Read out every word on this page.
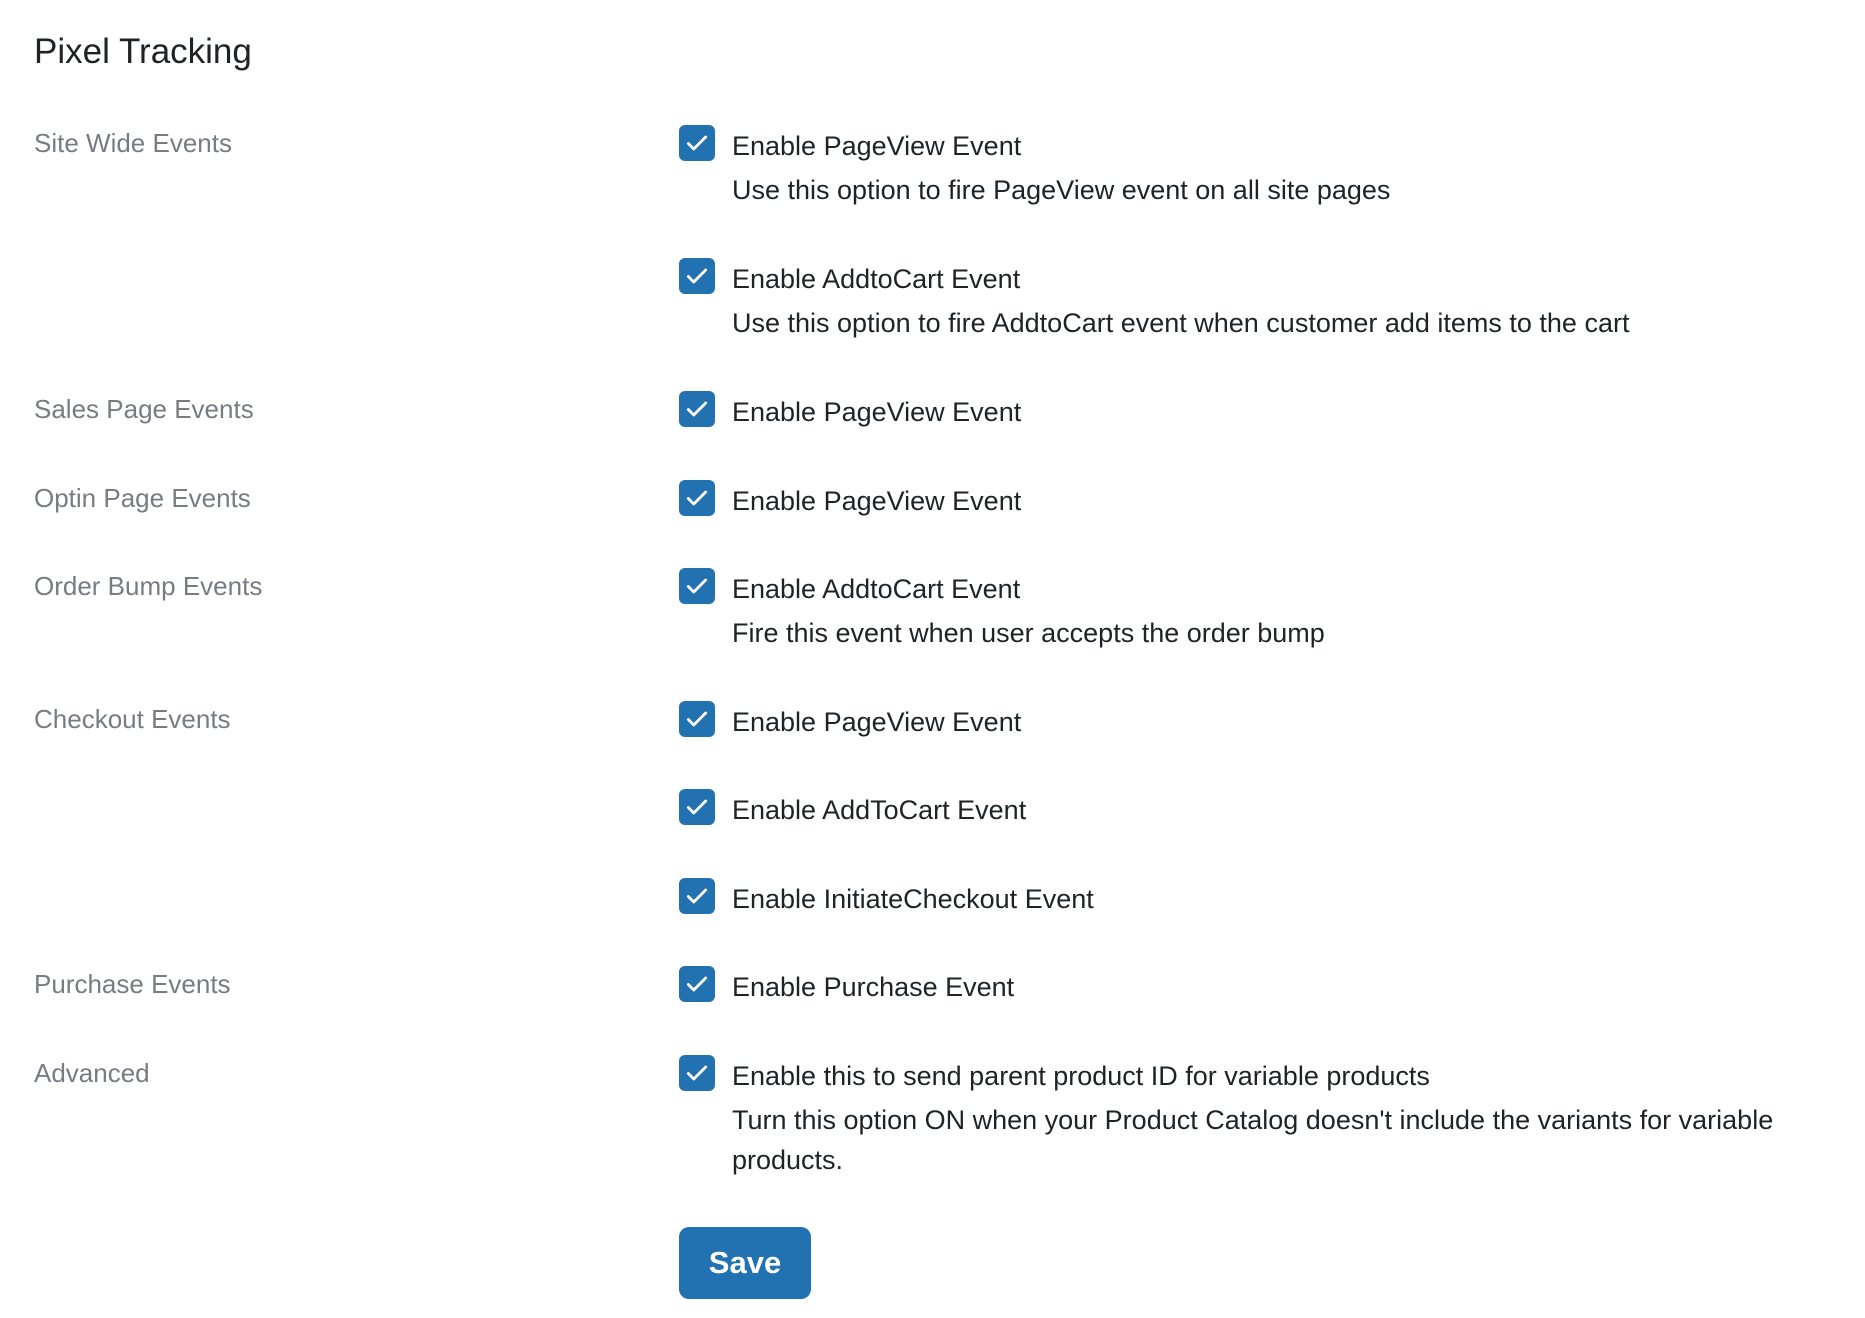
Pixel Tracking
Site Wide Events	Enable PageView Event
Use this option to fire PageView event on all site pages
Enable AddtoCart Event
Use this option to fire AddtoCart event when customer add items to the cart
Sales Page Events	Enable PageView Event
Optin Page Events	Enable PageView Event
Order Bump Events	Enable AddtoCart Event
Fire this event when user accepts the order bump
Checkout Events	Enable PageView Event
Enable AddToCart Event
Enable InitiateCheckout Event
Purchase Events	Enable Purchase Event
Advanced	Enable this to send parent product ID for variable products
Turn this option ON when your Product Catalog doesn't include the variants for variable products.
Save
